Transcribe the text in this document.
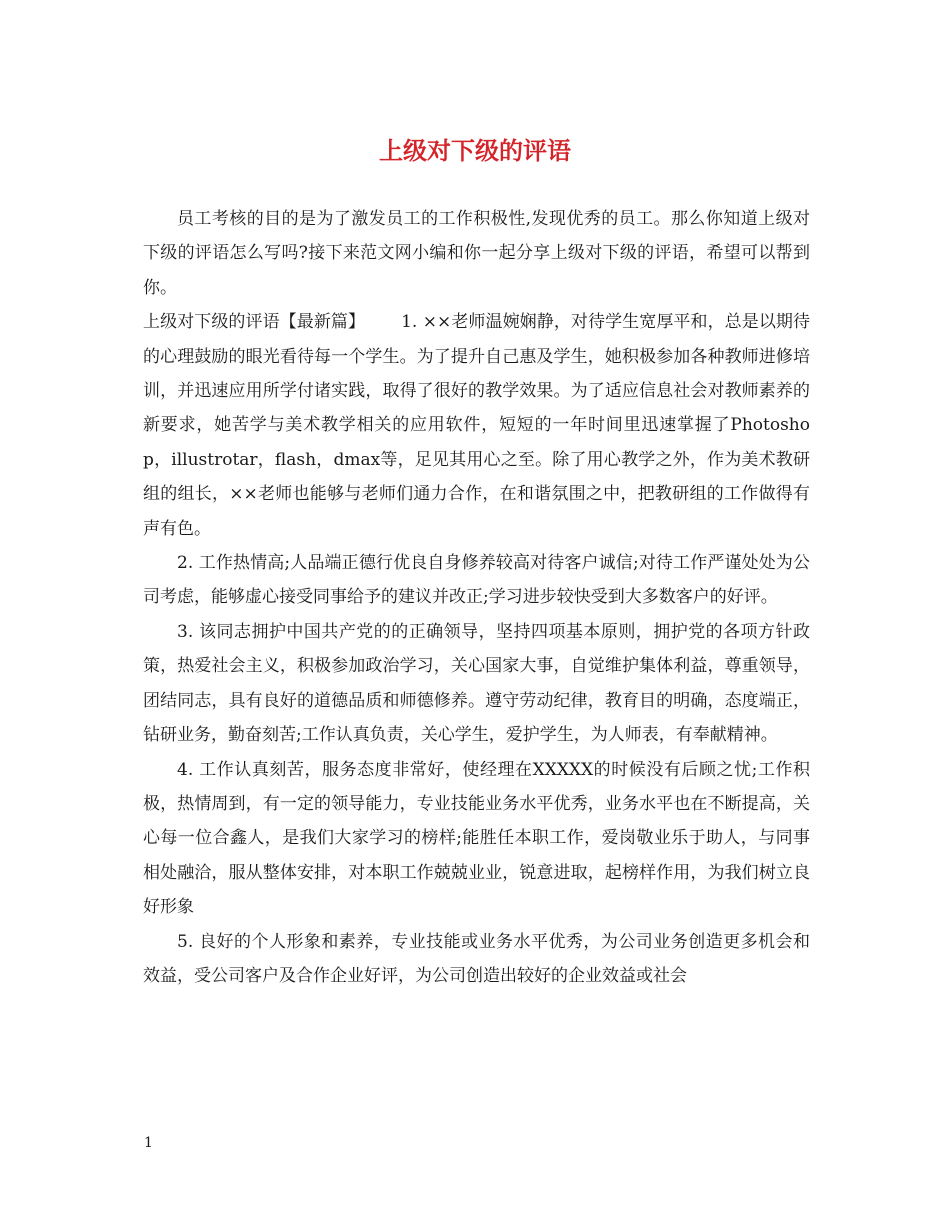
上级对下级的评语

员工考核的目的是为了激发员工的工作积极性,发现优秀的员工。那么你知道上级对下级的评语怎么写吗?接下来范文网小编和你一起分享上级对下级的评语，希望可以帮到你。

上级对下级的评语【最新篇】 1. ××老师温婉娴静，对待学生宽厚平和，总是以期待的心理鼓励的眼光看待每一个学生。为了提升自己惠及学生，她积极参加各种教师进修培训，并迅速应用所学付诸实践，取得了很好的教学效果。为了适应信息社会对教师素养的新要求，她苦学与美术教学相关的应用软件，短短的一年时间里迅速掌握了Photoshop，illustrotar，flash，dmax等，足见其用心之至。除了用心教学之外，作为美术教研组的组长，××老师也能够与老师们通力合作，在和谐氛围之中，把教研组的工作做得有声有色。

2. 工作热情高;人品端正德行优良自身修养较高对待客户诚信;对待工作严谨处处为公司考虑，能够虚心接受同事给予的建议并改正;学习进步较快受到大多数客户的好评。

3. 该同志拥护中国共产党的的正确领导，坚持四项基本原则，拥护党的各项方针政策，热爱社会主义，积极参加政治学习，关心国家大事，自觉维护集体利益，尊重领导，团结同志，具有良好的道德品质和师德修养。遵守劳动纪律，教育目的明确，态度端正，钻研业务，勤奋刻苦;工作认真负责，关心学生，爱护学生，为人师表，有奉献精神。

4. 工作认真刻苦，服务态度非常好，使经理在XXXXX的时候没有后顾之忧;工作积极，热情周到，有一定的领导能力，专业技能业务水平优秀，业务水平也在不断提高，关心每一位合鑫人，是我们大家学习的榜样;能胜任本职工作，爱岗敬业乐于助人，与同事相处融洽，服从整体安排，对本职工作兢兢业业，锐意进取，起榜样作用，为我们树立良好形象

5. 良好的个人形象和素养，专业技能或业务水平优秀，为公司业务创造更多机会和效益，受公司客户及合作企业好评，为公司创造出较好的企业效益或社会

1
